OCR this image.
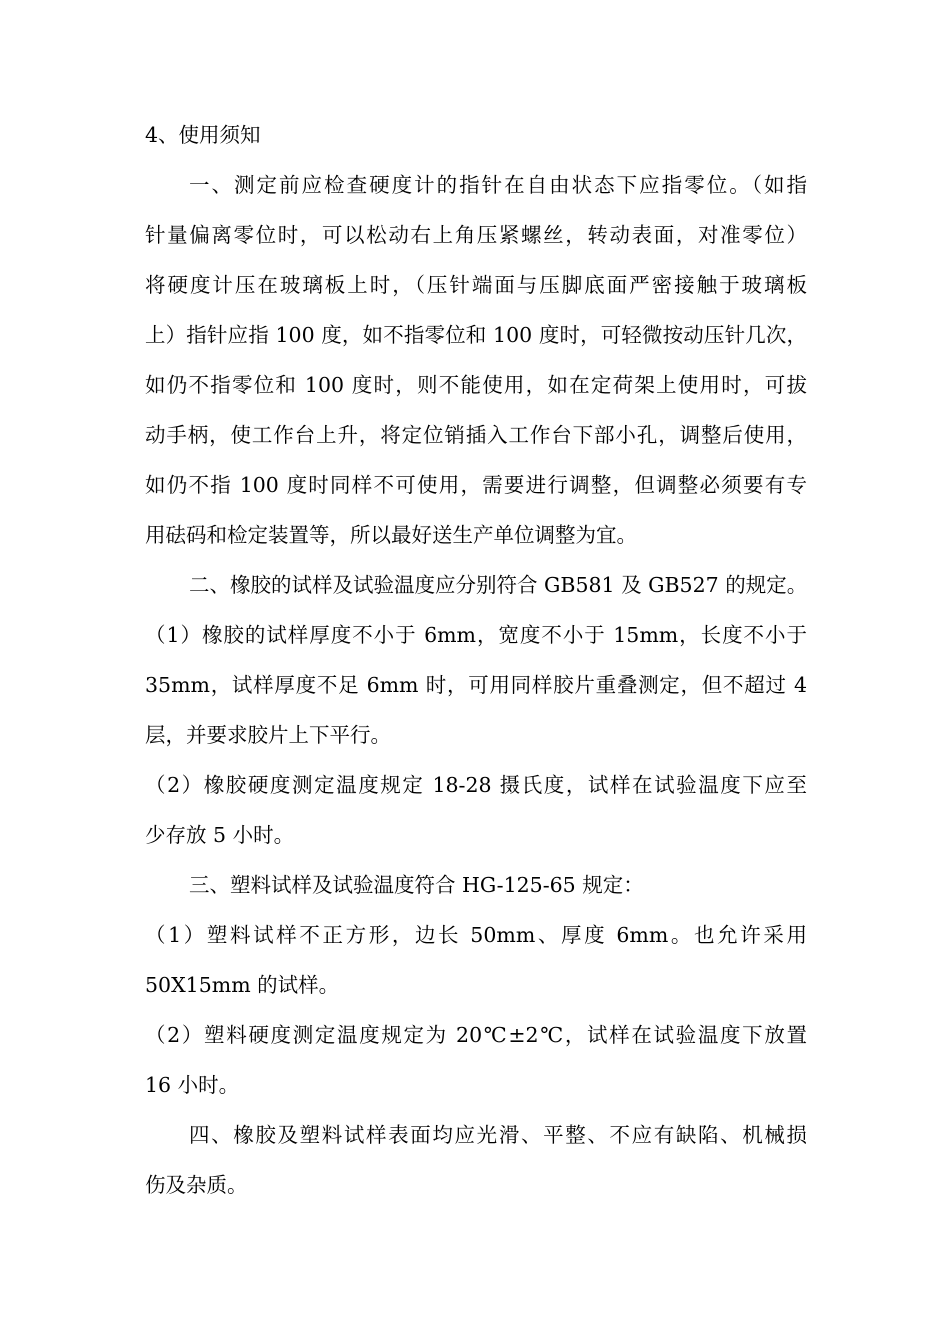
4、使用须知
一、测定前应检查硬度计的指针在自由状态下应指零位。（如指
针量偏离零位时，可以松动右上角压紧螺丝，转动表面，对准零位）
将硬度计压在玻璃板上时，（压针端面与压脚底面严密接触于玻璃板
上）指针应指 100 度，如不指零位和 100 度时，可轻微按动压针几次，
如仍不指零位和 100 度时，则不能使用，如在定荷架上使用时，可拔
动手柄，使工作台上升，将定位销插入工作台下部小孔，调整后使用，
如仍不指 100 度时同样不可使用，需要进行调整，但调整必须要有专
用砝码和检定装置等，所以最好送生产单位调整为宜。
二、橡胶的试样及试验温度应分别符合 GB581 及 GB527 的规定。
（1）橡胶的试样厚度不小于 6mm，宽度不小于 15mm，长度不小于
35mm，试样厚度不足 6mm 时，可用同样胶片重叠测定，但不超过 4
层，并要求胶片上下平行。
（2）橡胶硬度测定温度规定 18-28 摄氏度，试样在试验温度下应至
少存放 5 小时。
三、塑料试样及试验温度符合 HG-125-65 规定：
（1）塑料试样不正方形，边长 50mm、厚度 6mm。也允许采用
50X15mm 的试样。
（2）塑料硬度测定温度规定为 20℃±2℃，试样在试验温度下放置
16 小时。
四、橡胶及塑料试样表面均应光滑、平整、不应有缺陷、机械损
伤及杂质。
